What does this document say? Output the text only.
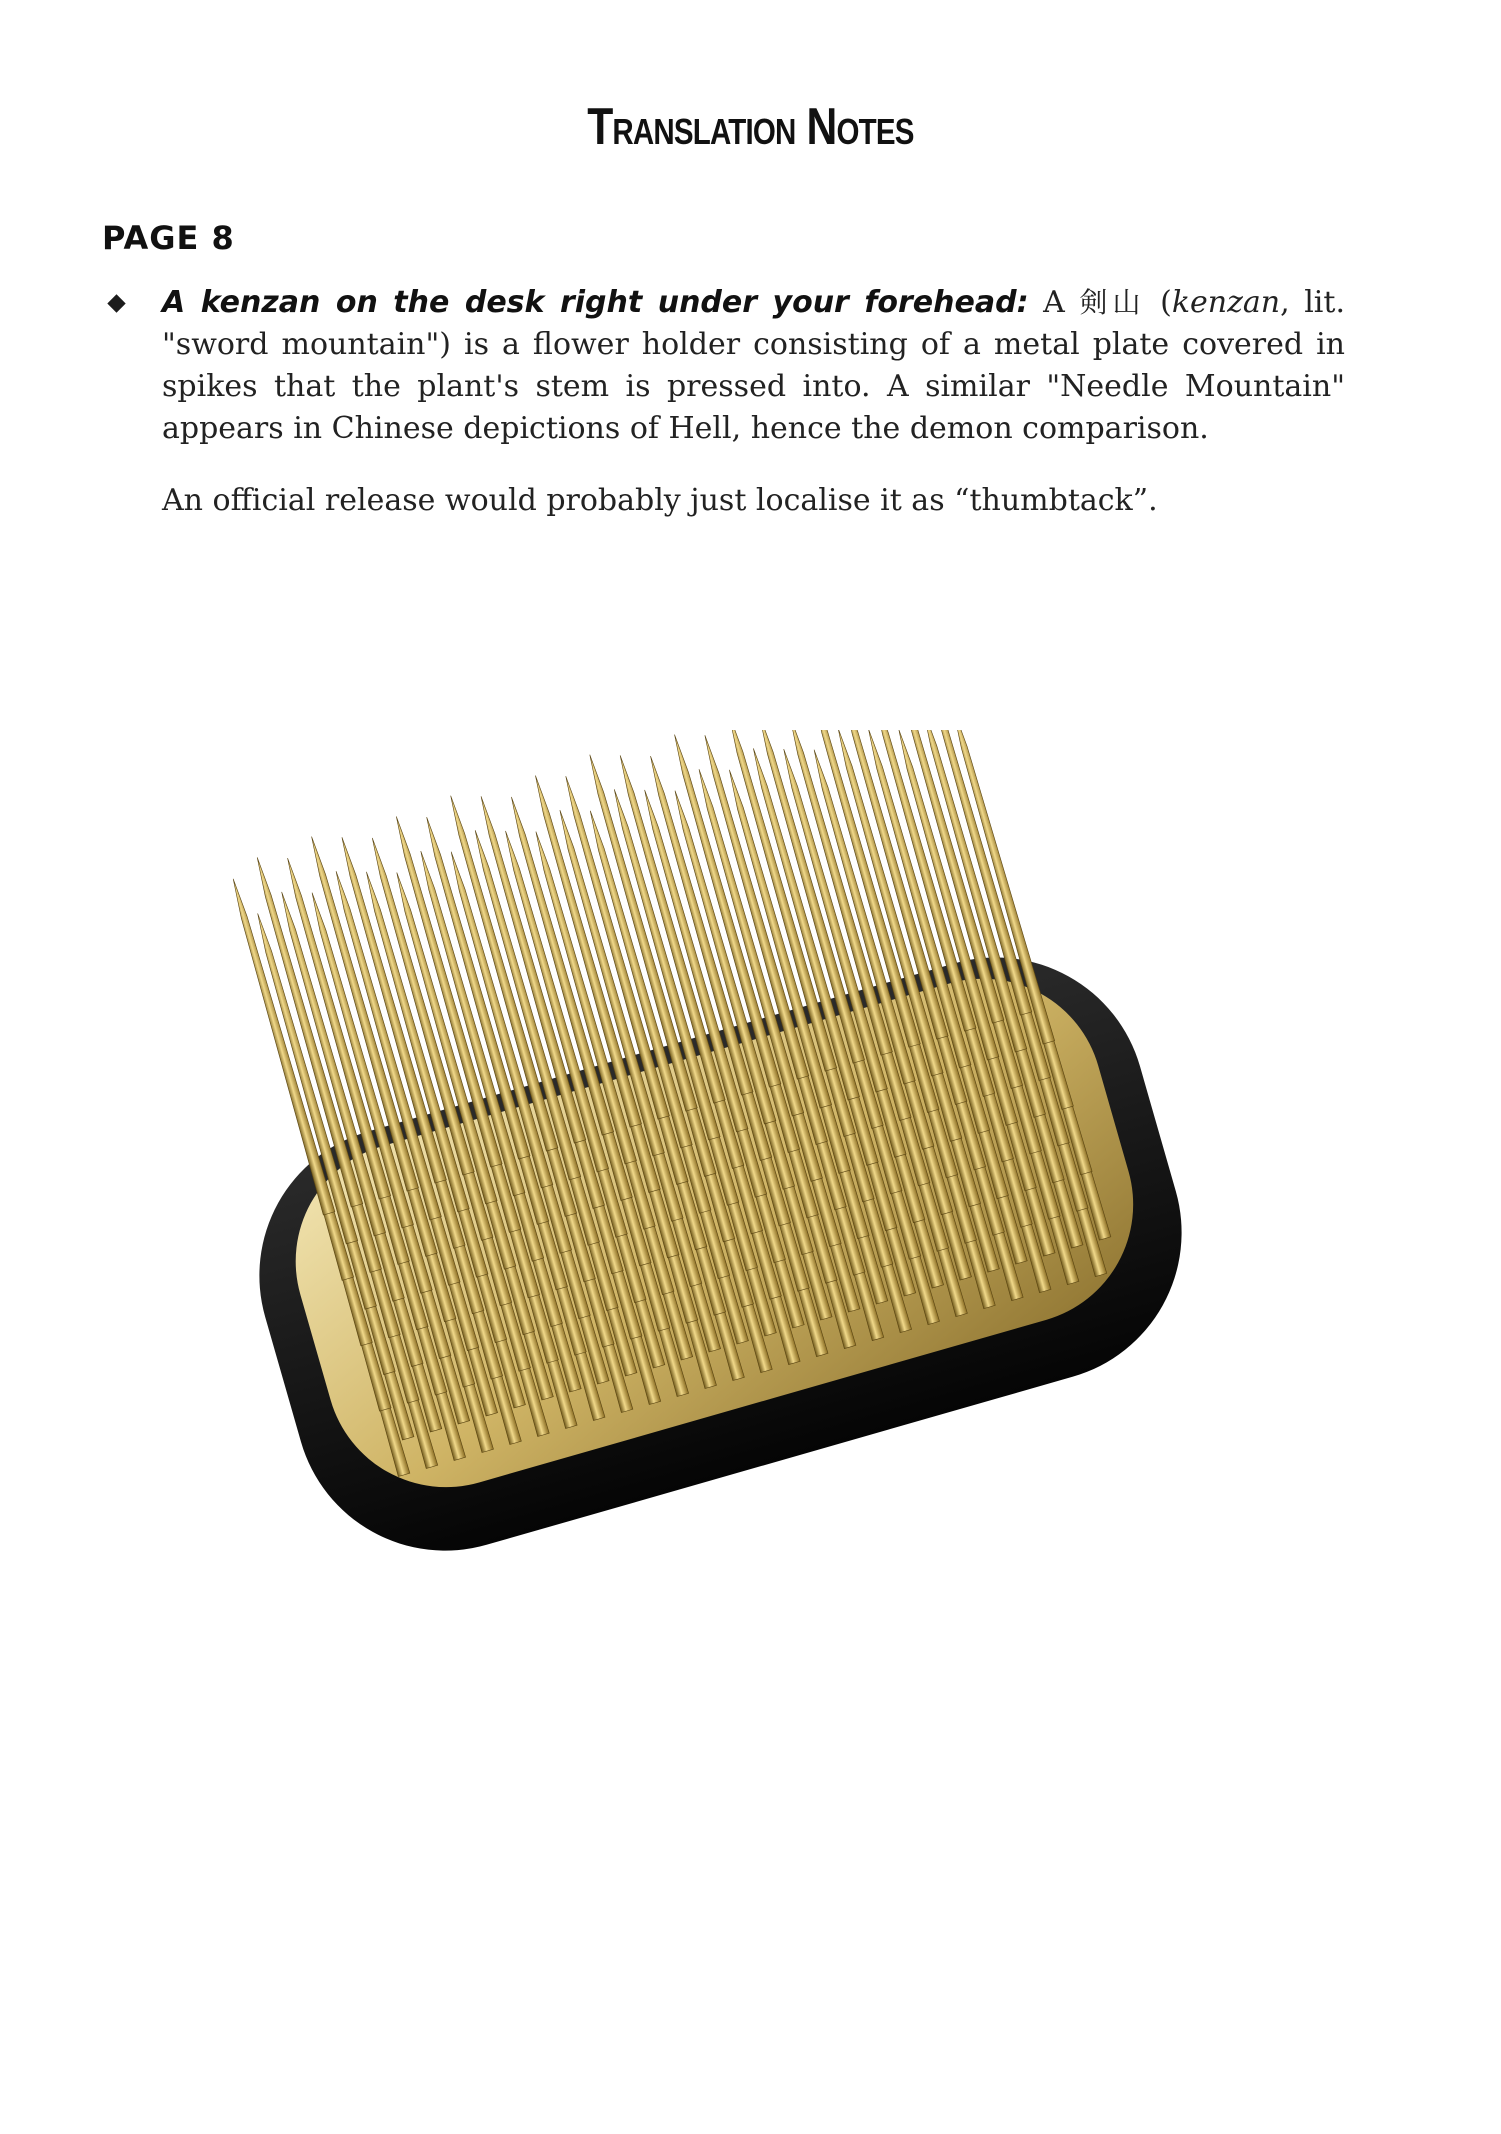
Translation Notes
PAGE 8

A kenzan on the desk right under your forehead: A 剣山 (kenzan, lit. "sword mountain") is a flower holder consisting of a metal plate covered in spikes that the plant's stem is pressed into. A similar "Needle Mountain" appears in Chinese depictions of Hell, hence the demon comparison.

An official release would probably just localise it as “thumbtack”.
